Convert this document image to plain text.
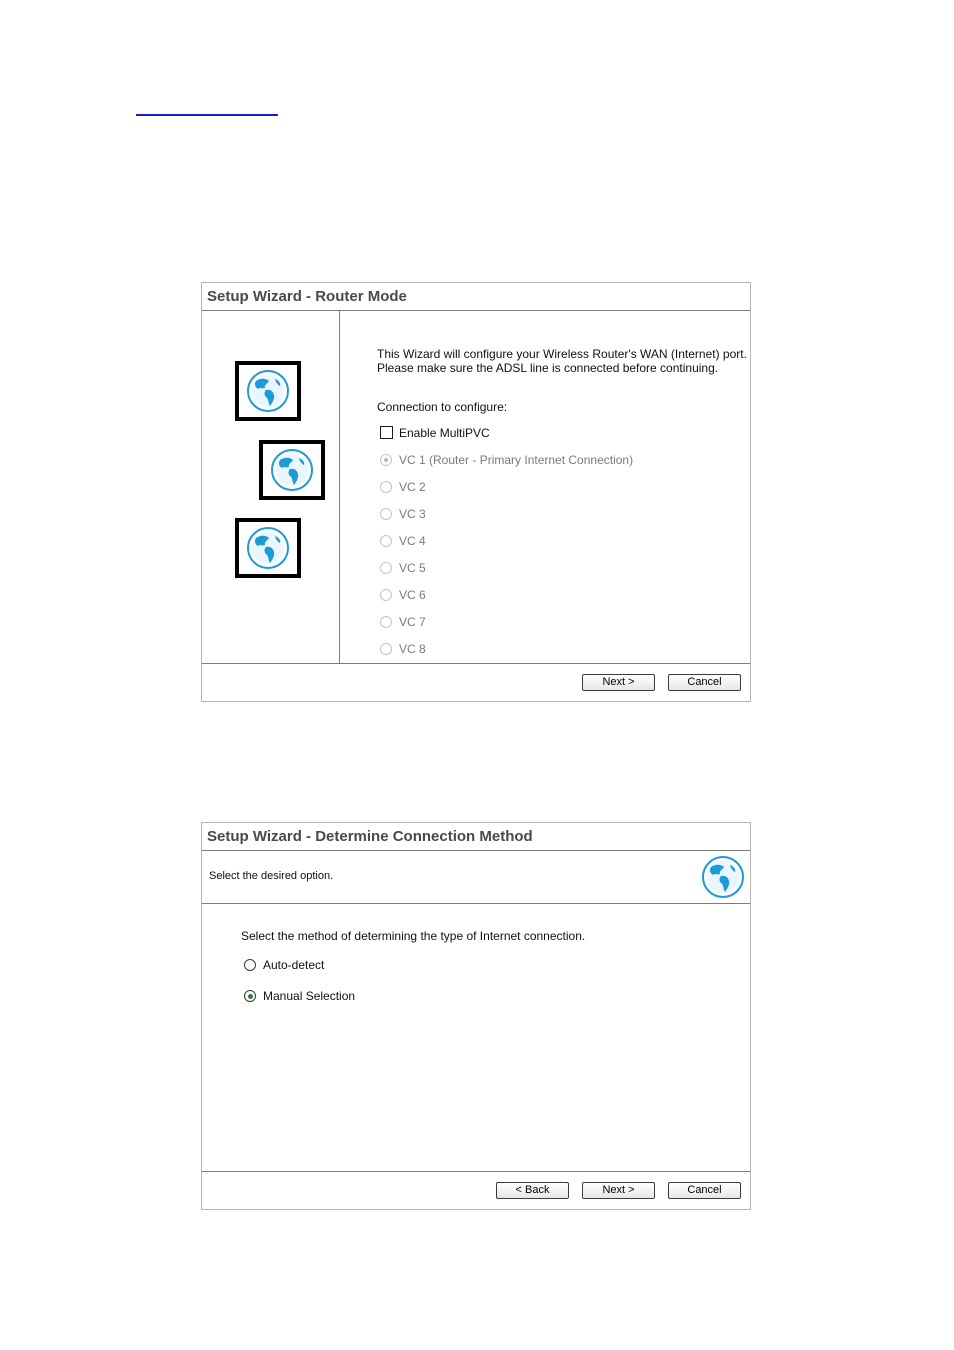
Setup Wizard - Router Mode
This Wizard will configure your Wireless Router's WAN (Internet) port.
Please make sure the ADSL line is connected before continuing.
Connection to configure:
Enable MultiPVC
VC 1 (Router - Primary Internet Connection)
VC 2
VC 3
VC 4
VC 5
VC 6
VC 7
VC 8
Next >	Cancel
Setup Wizard - Determine Connection Method
Select the desired option.
Select the method of determining the type of Internet connection.
Auto-detect
Manual Selection
< Back	Next >	Cancel
